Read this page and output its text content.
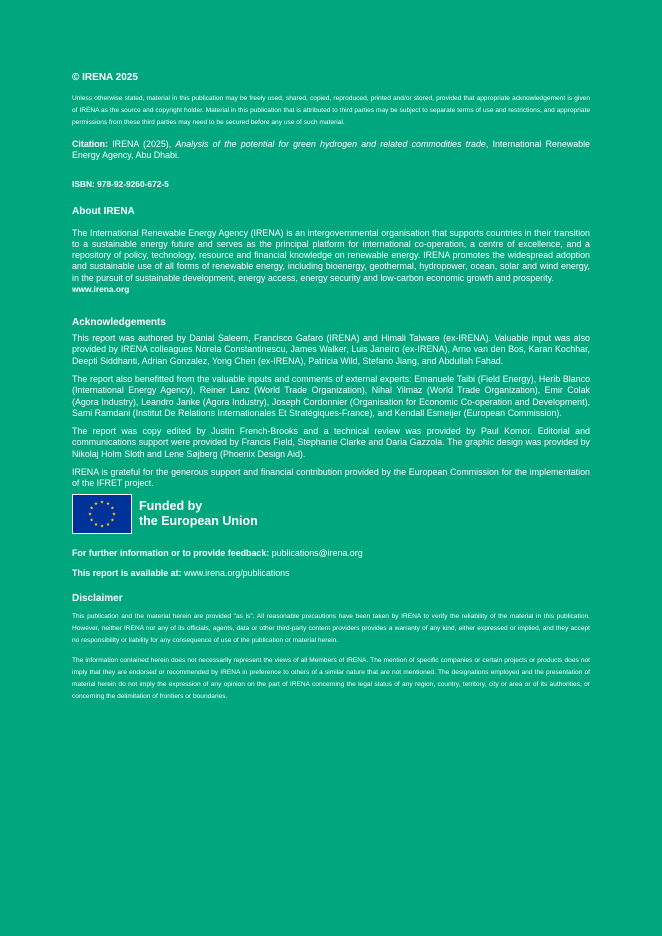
© IRENA 2025

Unless otherwise stated, material in this publication may be freely used, shared, copied, reproduced, printed and/or stored, provided that appropriate acknowledgement is given of IRENA as the source and copyright holder. Material in this publication that is attributed to third parties may be subject to separate terms of use and restrictions, and appropriate permissions from these third parties may need to be secured before any use of such material.

Citation: IRENA (2025), Analysis of the potential for green hydrogen and related commodities trade, International Renewable Energy Agency, Abu Dhabi.

ISBN: 978-92-9260-672-5

About IRENA

The International Renewable Energy Agency (IRENA) is an intergovernmental organisation that supports countries in their transition to a sustainable energy future and serves as the principal platform for international co-operation, a centre of excellence, and a repository of policy, technology, resource and financial knowledge on renewable energy. IRENA promotes the widespread adoption and sustainable use of all forms of renewable energy, including bioenergy, geothermal, hydropower, ocean, solar and wind energy, in the pursuit of sustainable development, energy access, energy security and low-carbon economic growth and prosperity.

www.irena.org

Acknowledgements

This report was authored by Danial Saleem, Francisco Gafaro (IRENA) and Himali Talware (ex-IRENA). Valuable input was also provided by IRENA colleagues Norela Constantinescu, James Walker, Luis Janeiro (ex-IRENA), Arno van den Bos, Karan Kochhar, Deepti Siddhanti, Adrian Gonzalez, Yong Chen (ex-IRENA), Patricia Wild, Stefano Jiang, and Abdullah Fahad.

The report also benefitted from the valuable inputs and comments of external experts: Emanuele Taibi (Field Energy), Herib Blanco (International Energy Agency), Reiner Lanz (World Trade Organization), Nihal Yilmaz (World Trade Organization), Emir Colak (Agora Industry), Leandro Janke (Agora Industry), Joseph Cordonnier (Organisation for Economic Co-operation and Development), Sami Ramdani (Institut De Relations Internationales Et Stratégiques-France), and Kendall Esmeijer (European Commission).

The report was copy edited by Justin French-Brooks and a technical review was provided by Paul Komor. Editorial and communications support were provided by Francis Field, Stephanie Clarke and Daria Gazzola. The graphic design was provided by Nikolaj Holm Sloth and Lene Søjberg (Phoenix Design Aid).

IRENA is grateful for the generous support and financial contribution provided by the European Commission for the implementation of the IFRET project.

Funded by
the European Union

For further information or to provide feedback: publications@irena.org

This report is available at: www.irena.org/publications

Disclaimer

This publication and the material herein are provided "as is". All reasonable precautions have been taken by IRENA to verify the reliability of the material in this publication. However, neither IRENA nor any of its officials, agents, data or other third-party content providers provides a warranty of any kind, either expressed or implied, and they accept no responsibility or liability for any consequence of use of the publication or material herein.

The information contained herein does not necessarily represent the views of all Members of IRENA. The mention of specific companies or certain projects or products does not imply that they are endorsed or recommended by IRENA in preference to others of a similar nature that are not mentioned. The designations employed and the presentation of material herein do not imply the expression of any opinion on the part of IRENA concerning the legal status of any region, country, territory, city or area or of its authorities, or concerning the delimitation of frontiers or boundaries.
